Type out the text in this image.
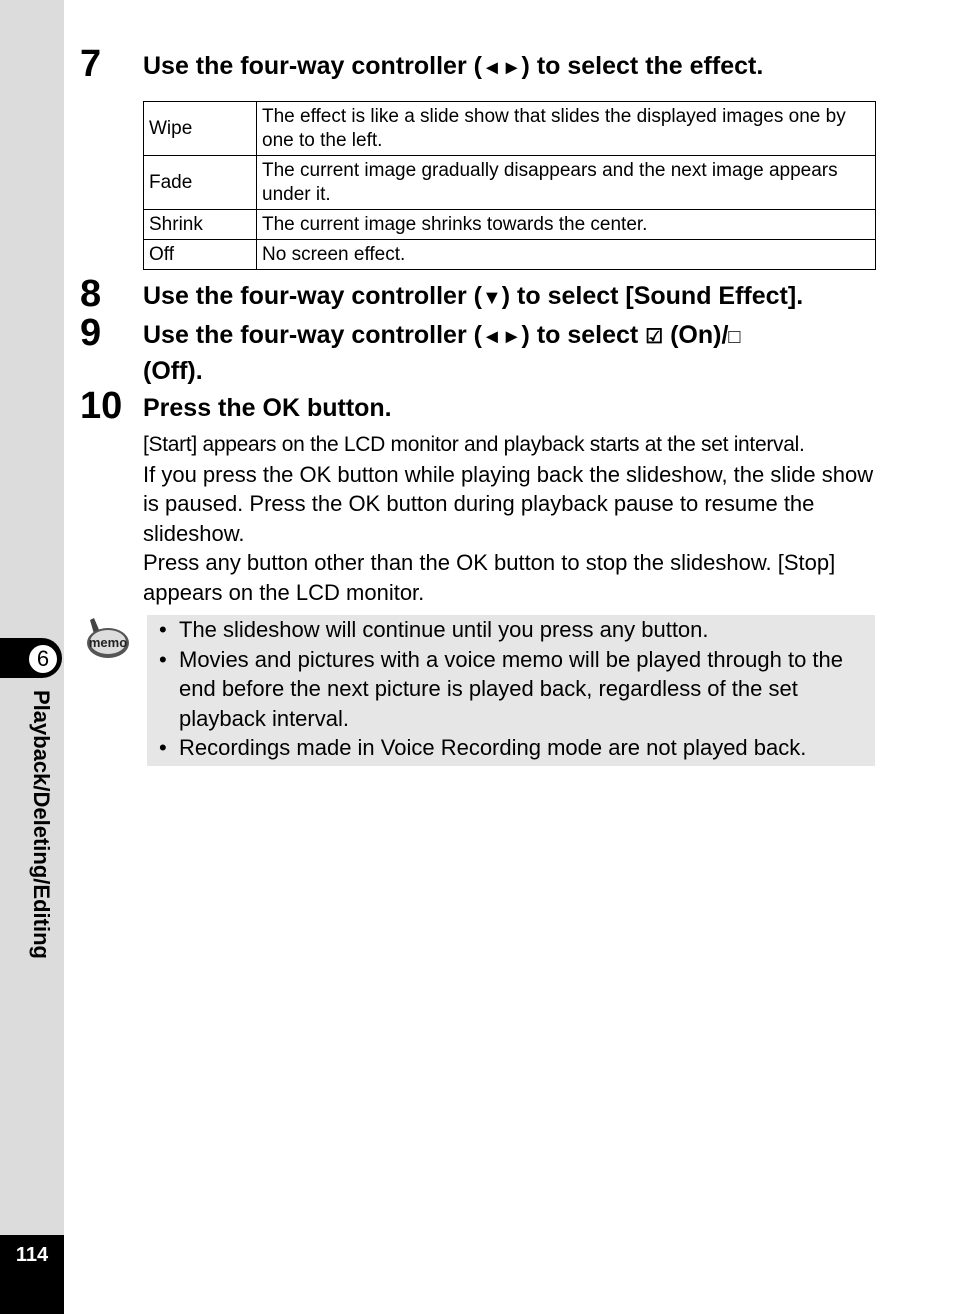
6
Playback/Deleting/Editing
114
7 Use the four-way controller (◄►) to select the effect.
Wipe	The effect is like a slide show that slides the displayed images one by one to the left.
Fade	The current image gradually disappears and the next image appears under it.
Shrink	The current image shrinks towards the center.
Off	No screen effect.
8 Use the four-way controller (▼) to select [Sound Effect].
9 Use the four-way controller (◄►) to select ☑ (On)/□
(Off).
10 Press the OK button.

[Start] appears on the LCD monitor and playback starts at the set interval.

If you press the OK button while playing back the slideshow, the slide show is paused. Press the OK button during playback pause to resume the slideshow.

Press any button other than the OK button to stop the slideshow. [Stop] appears on the LCD monitor.

memo
• The slideshow will continue until you press any button.
• Movies and pictures with a voice memo will be played through to the end before the next picture is played back, regardless of the set playback interval.
• Recordings made in Voice Recording mode are not played back.
